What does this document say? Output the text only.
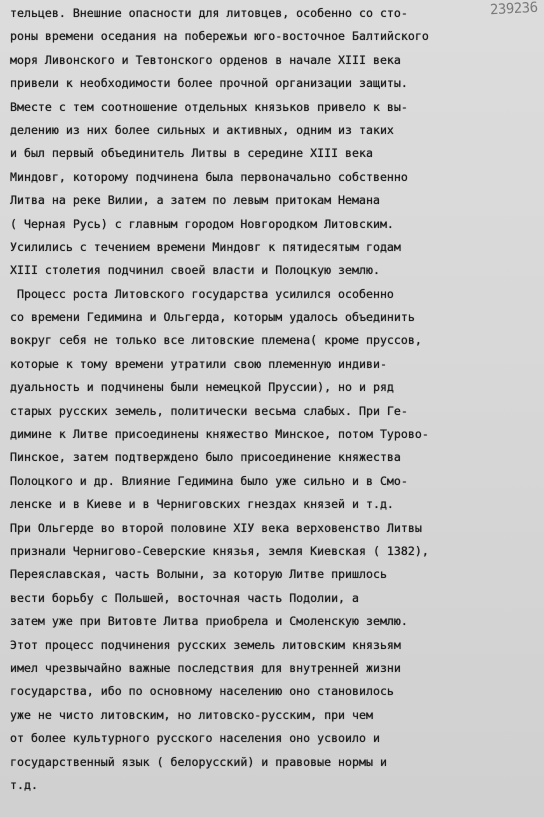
239236
тельцев. Внешние опасности для литовцев, особенно со сто-
роны времени оседания на побережьи юго-восточное Балтийского
моря Ливонского и Тевтонского орденов в начале XIII века
привели к необходимости более прочной организации защиты.
Вместе с тем соотношение отдельных князьков привело к вы-
делению из них более сильных и активных, одним из таких
и был первый объединитель Литвы в середине XIII века
Миндовг, которому подчинена была первоначально собственно
Литва на реке Вилии, а затем по левым притокам Немана
( Черная Русь) с главным городом Новгородком Литовским.
Усилились с течением времени Миндовг к пятидесятым годам
XIII столетия подчинил своей власти и Полоцкую землю.
Процесс роста Литовского государства усилился особенно
со времени Гедимина и Ольгерда, которым удалось объединить
вокруг себя не только все литовские племена( кроме пруссов,
которые к тому времени утратили свою племенную индиви-
дуальность и подчинены были немецкой Пруссии), но и ряд
старых русских земель, политически весьма слабых. При Ге-
димине к Литве присоединены княжество Минское, потом Турово-
Пинское, затем подтверждено было присоединение княжества
Полоцкого и др. Влияние Гедимина было уже сильно и в Смо-
ленске и в Киеве и в Черниговских гнездах князей и т.д.
При Ольгерде во второй половине XIУ века верховенство Литвы
признали Чернигово-Северские князья, земля Киевская ( 1382),
Переяславская, часть Волыни, за которую Литве пришлось
вести борьбу с Польшей, восточная часть Подолии, а
затем уже при Витовте Литва приобрела и Смоленскую землю.
Этот процесс подчинения русских земель литовским князьям
имел чрезвычайно важные последствия для внутренней жизни
государства, ибо по основному населению оно становилось
уже не чисто литовским, но литовско-русским, при чем
от более культурного русского населения оно усвоило и
государственный язык ( белорусский) и правовые нормы и
т.д.
